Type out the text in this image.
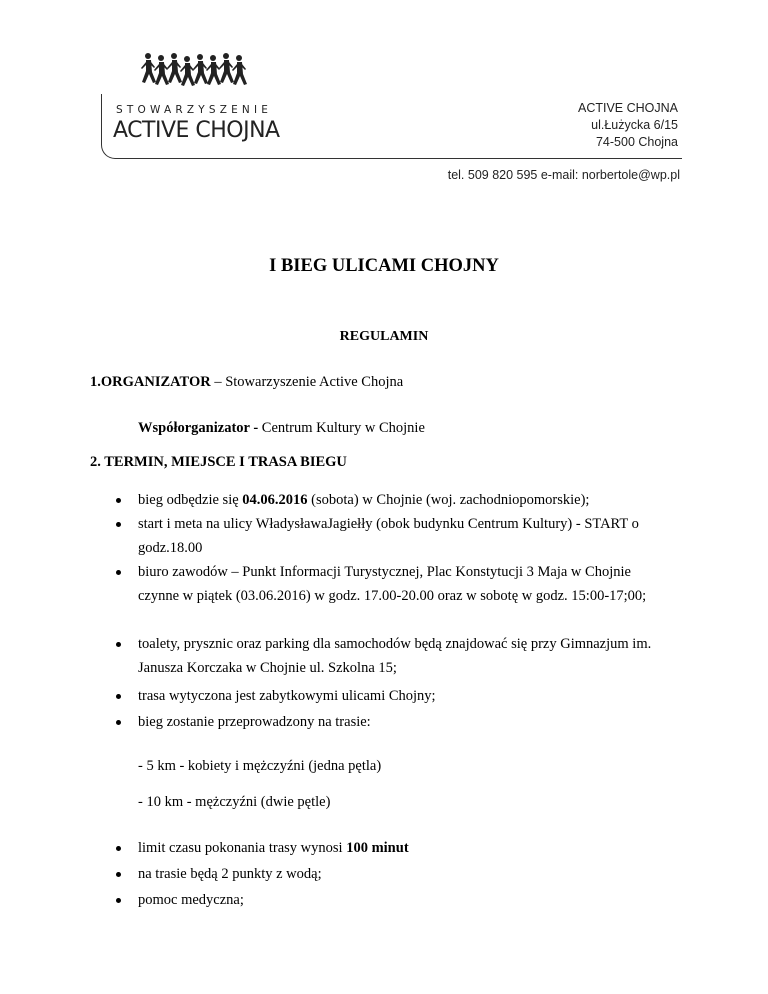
STOWARZYSZENIE
ACTIVE CHOJNA
ACTIVE CHOJNA
ul.Łużycka 6/15
74-500 Chojna
tel. 509 820 595 e-mail: norbertole@wp.pl
I BIEG ULICAMI CHOJNY
REGULAMIN
1.ORGANIZATOR – Stowarzyszenie Active Chojna
Współorganizator - Centrum Kultury w Chojnie
2. TERMIN, MIEJSCE I TRASA BIEGU
bieg odbędzie się 04.06.2016 (sobota) w Chojnie (woj. zachodniopomorskie);
start i meta na ulicy WładysławaJagiełły (obok budynku Centrum Kultury) - START o godz.18.00
biuro zawodów – Punkt Informacji Turystycznej, Plac Konstytucji 3 Maja w Chojnie czynne w piątek (03.06.2016) w godz. 17.00-20.00 oraz w sobotę w godz. 15:00-17;00;
toalety, prysznic oraz parking dla samochodów będą znajdować się przy Gimnazjum im. Janusza Korczaka w Chojnie ul. Szkolna 15;
trasa wytyczona jest zabytkowymi ulicami Chojny;
bieg zostanie przeprowadzony na trasie:
limit czasu pokonania trasy wynosi 100 minut
na trasie będą 2 punkty z wodą;
pomoc medyczna;
- 5 km - kobiety i mężczyźni (jedna pętla)
- 10 km - mężczyźni (dwie pętle)
